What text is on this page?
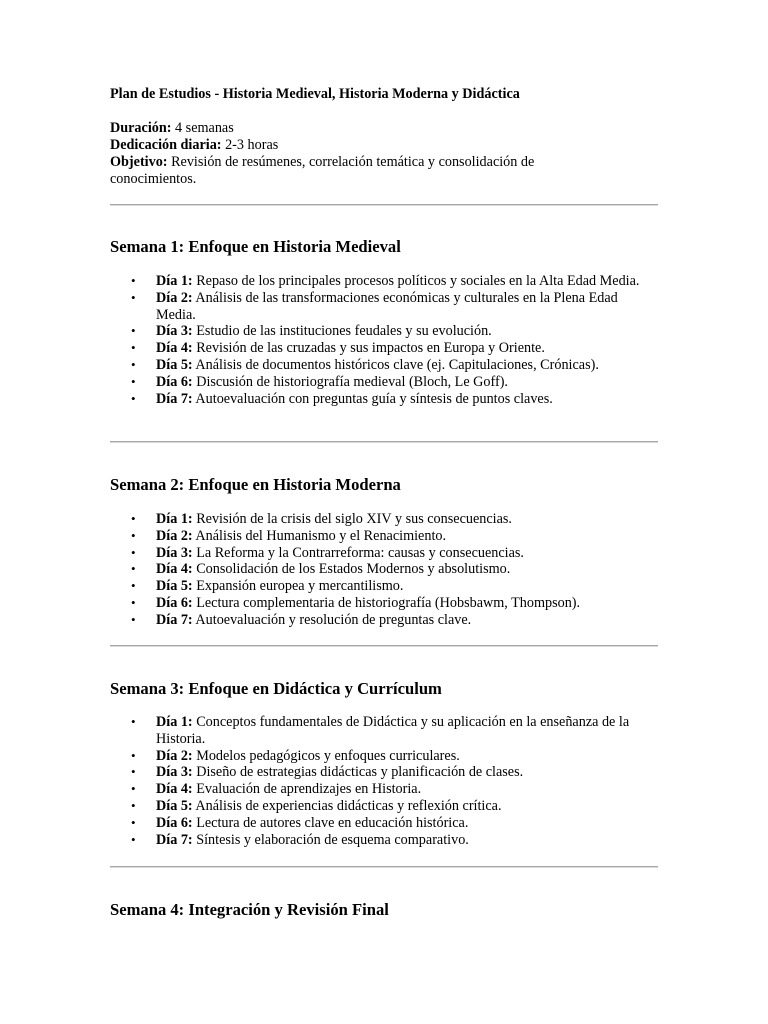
Plan de Estudios - Historia Medieval, Historia Moderna y Didáctica

Duración: 4 semanas

Dedicación diaria: 2-3 horas

Objetivo: Revisión de resúmenes, correlación temática y consolidación de conocimientos.

Semana 1: Enfoque en Historia Medieval
• Día 1: Repaso de los principales procesos políticos y sociales en la Alta Edad Media.
• Día 2: Análisis de las transformaciones económicas y culturales en la Plena Edad Media.
• Día 3: Estudio de las instituciones feudales y su evolución.
• Día 4: Revisión de las cruzadas y sus impactos en Europa y Oriente.
• Día 5: Análisis de documentos históricos clave (ej. Capitulaciones, Crónicas).
• Día 6: Discusión de historiografía medieval (Bloch, Le Goff).
• Día 7: Autoevaluación con preguntas guía y síntesis de puntos claves.
Semana 2: Enfoque en Historia Moderna
• Día 1: Revisión de la crisis del siglo XIV y sus consecuencias.
• Día 2: Análisis del Humanismo y el Renacimiento.
• Día 3: La Reforma y la Contrarreforma: causas y consecuencias.
• Día 4: Consolidación de los Estados Modernos y absolutismo.
• Día 5: Expansión europea y mercantilismo.
• Día 6: Lectura complementaria de historiografía (Hobsbawm, Thompson).
• Día 7: Autoevaluación y resolución de preguntas clave.
Semana 3: Enfoque en Didáctica y Currículum
• Día 1: Conceptos fundamentales de Didáctica y su aplicación en la enseñanza de la Historia.
• Día 2: Modelos pedagógicos y enfoques curriculares.
• Día 3: Diseño de estrategias didácticas y planificación de clases.
• Día 4: Evaluación de aprendizajes en Historia.
• Día 5: Análisis de experiencias didácticas y reflexión crítica.
• Día 6: Lectura de autores clave en educación histórica.
• Día 7: Síntesis y elaboración de esquema comparativo.
Semana 4: Integración y Revisión Final
